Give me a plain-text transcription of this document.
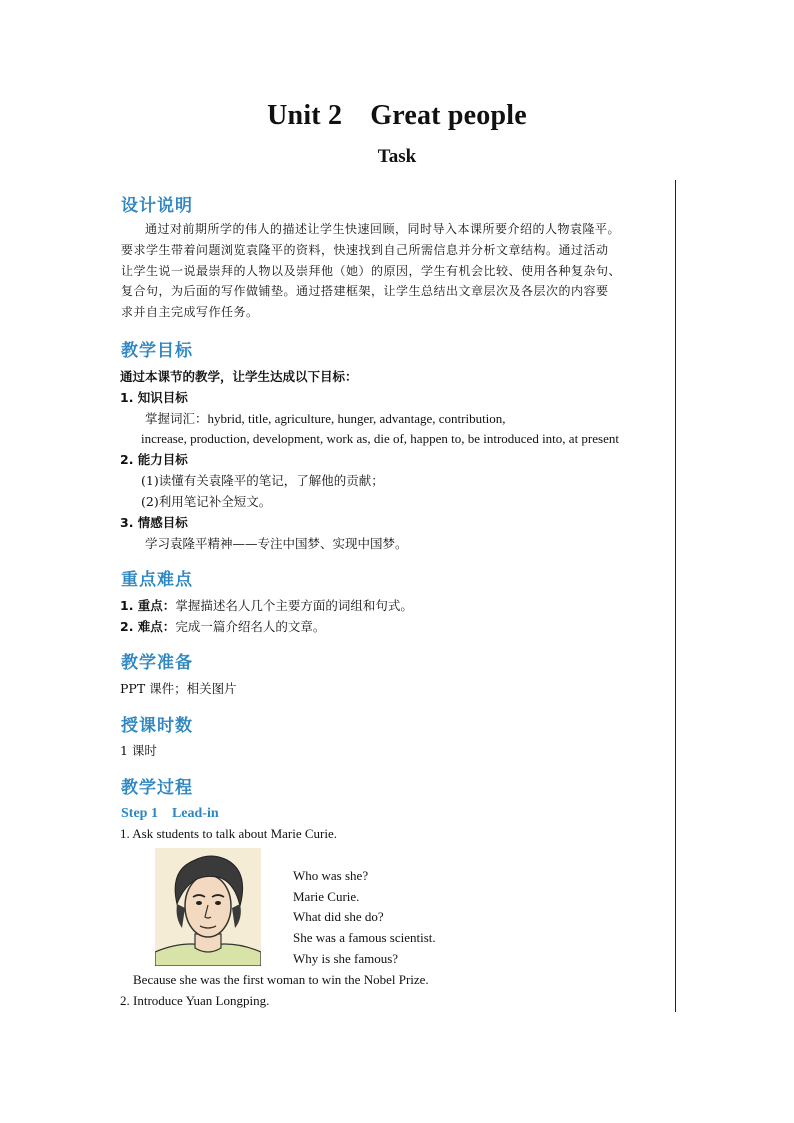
Unit 2 Great people
Task
设计说明
通过对前期所学的伟人的描述让学生快速回顾，同时导入本课所要介绍的人物袁隆平。
要求学生带着问题浏览袁隆平的资料，快速找到自己所需信息并分析文章结构。通过活动
让学生说一说最崇拜的人物以及崇拜他（她）的原因，学生有机会比较、使用各种复杂句、
复合句，为后面的写作做铺垫。通过搭建框架，让学生总结出文章层次及各层次的内容要
求并自主完成写作任务。
教学目标
通过本课节的教学，让学生达成以下目标：
1. 知识目标
掌握词汇：hybrid, title, agriculture, hunger, advantage, contribution,
increase, production, development, work as, die of, happen to, be introduced into, at present
2. 能力目标
(1)读懂有关袁隆平的笔记，了解他的贡献；
(2)利用笔记补全短文。
3. 情感目标
学习袁隆平精神——专注中国梦、实现中国梦。
重点难点
1. 重点：掌握描述名人几个主要方面的词组和句式。
2. 难点：完成一篇介绍名人的文章。
教学准备
PPT 课件；相关图片
授课时数
1 课时
教学过程
Step 1 Lead-in
1. Ask students to talk about Marie Curie.
Who was she?
Marie Curie.
What did she do?
She was a famous scientist.
Why is she famous?
Because she was the first woman to win the Nobel Prize.
2. Introduce Yuan Longping.
